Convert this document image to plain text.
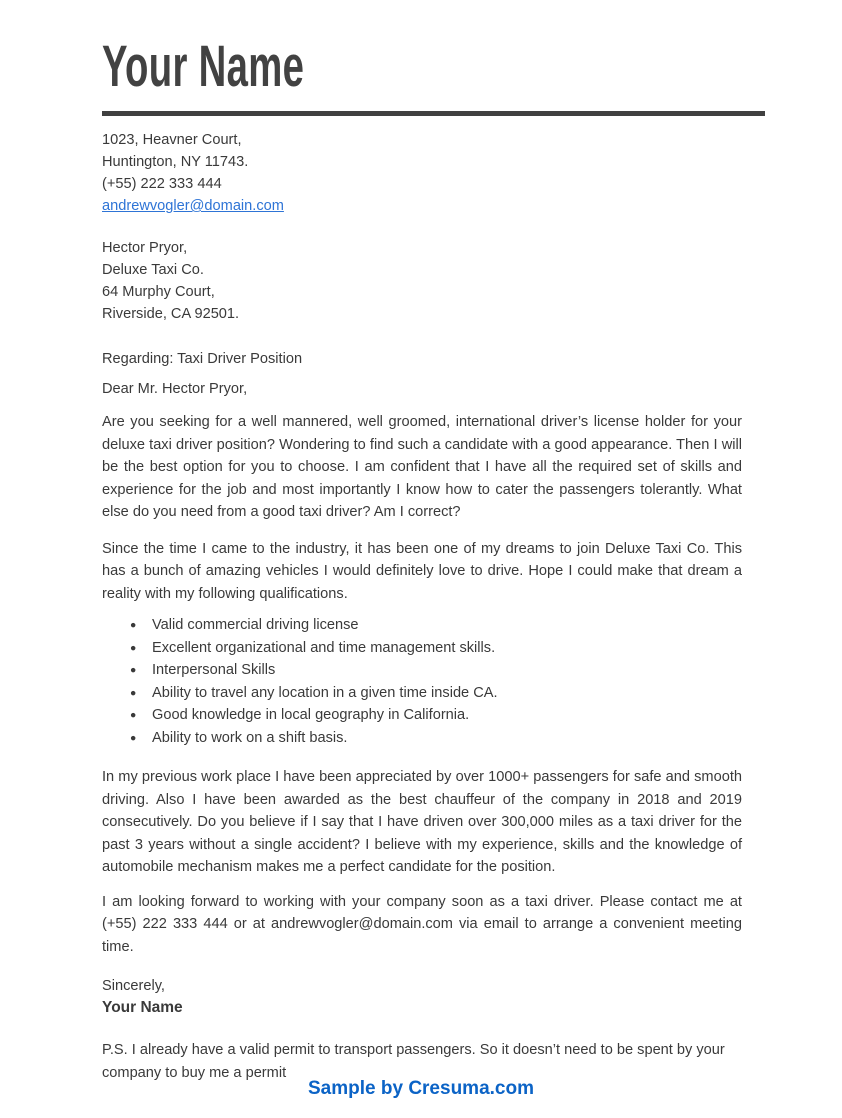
Your Name
1023, Heavner Court,
Huntington, NY 11743.
(+55) 222 333 444
andrewvogler@domain.com
Hector Pryor,
Deluxe Taxi Co.
64 Murphy Court,
Riverside, CA 92501.
Regarding: Taxi Driver Position
Dear Mr. Hector Pryor,

Are you seeking for a well mannered, well groomed, international driver’s license holder for your deluxe taxi driver position? Wondering to find such a candidate with a good appearance. Then I will be the best option for you to choose. I am confident that I have all the required set of skills and experience for the job and most importantly I know how to cater the passengers tolerantly. What else do you need from a good taxi driver? Am I correct?

Since the time I came to the industry, it has been one of my dreams to join Deluxe Taxi Co. This has a bunch of amazing vehicles I would definitely love to drive. Hope I could make that dream a reality with my following qualifications.

● Valid commercial driving license
● Excellent organizational and time management skills.
● Interpersonal Skills
● Ability to travel any location in a given time inside CA.
● Good knowledge in local geography in California.
● Ability to work on a shift basis.

In my previous work place I have been appreciated by over 1000+ passengers for safe and smooth driving. Also I have been awarded as the best chauffeur of the company in 2018 and 2019 consecutively. Do you believe if I say that I have driven over 300,000 miles as a taxi driver for the past 3 years without a single accident? I believe with my experience, skills and the knowledge of automobile mechanism makes me a perfect candidate for the position.

I am looking forward to working with your company soon as a taxi driver. Please contact me at (+55) 222 333 444 or at andrewvogler@domain.com via email to arrange a convenient meeting time.

Sincerely,
Your Name

P.S. I already have a valid permit to transport passengers. So it doesn’t need to be spent by your company to buy me a permit

Sample by Cresuma.com
